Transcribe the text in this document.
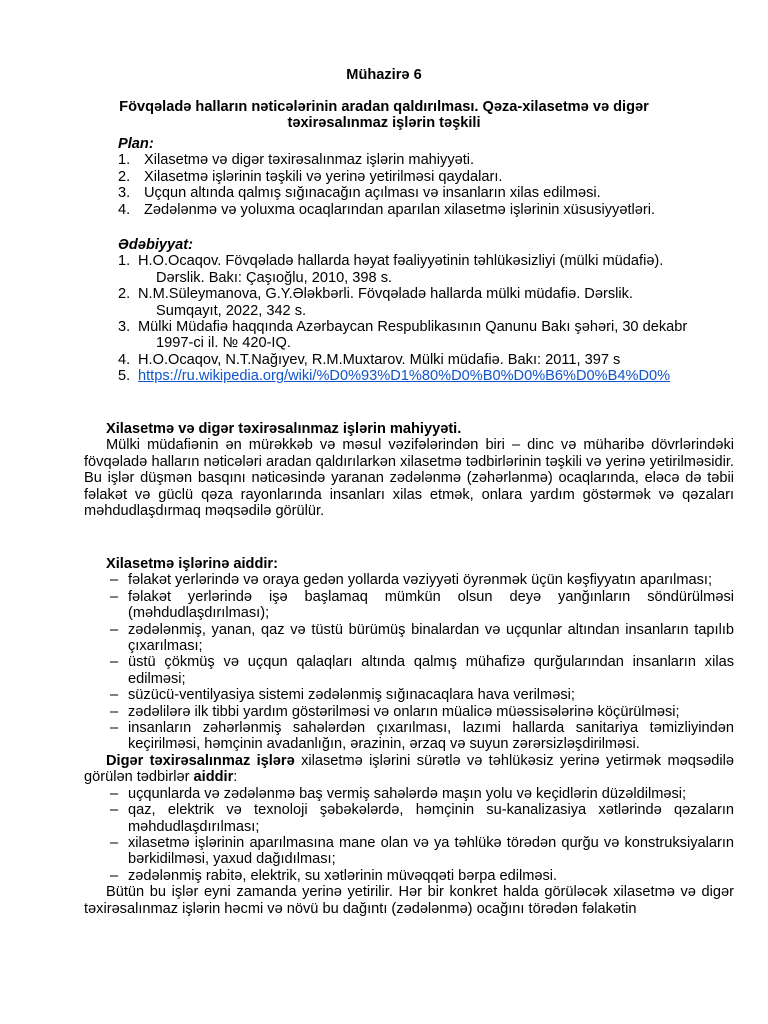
Mühazirə 6
Fövqəladə halların nəticələrinin aradan qaldırılması. Qəza-xilasetmə və digər təxirəsalınmaz işlərin təşkili
Plan:
1. Xilasetmə və digər təxirəsalınmaz işlərin mahiyyəti.
2. Xilasetmə işlərinin təşkili və yerinə yetirilməsi qaydaları.
3. Uçqun altında qalmış sığınacağın açılması və insanların xilas edilməsi.
4. Zədələnmə və yoluxma ocaqlarından aparılan xilasetmə işlərinin xüsusiyyətləri.
Ədəbiyyat:
1. H.O.Ocaqov. Fövqəladə hallarda həyat fəaliyyətinin təhlükəsizliyi (mülki müdafiə).
Dərslik. Bakı: Çaşıoğlu, 2010, 398 s.
2. N.M.Süleymanova, G.Y.Ələkbərli. Fövqəladə hallarda mülki müdafiə. Dərslik.
Sumqayıt, 2022, 342 s.
3. Mülki Müdafiə haqqında Azərbaycan Respublikasının Qanunu Bakı şəhəri, 30 dekabr
1997-ci il. № 420-IQ.
4. H.O.Ocaqov, N.T.Nağıyev, R.M.Muxtarov. Mülki müdafiə. Bakı: 2011, 397 s
5. https://ru.wikipedia.org/wiki/%D0%93%D1%80%D0%B0%D0%B6%D0%B4%D0%
Xilasetmə və digər təxirəsalınmaz işlərin mahiyyəti.

Mülki müdafiənin ən mürəkkəb və məsul vəzifələrindən biri – dinc və müharibə dövrlərindəki fövqəladə halların nəticələri aradan qaldırılarkən xilasetmə tədbirlərinin təşkili və yerinə yetirilməsidir. Bu işlər düşmən basqını nəticəsində yaranan zədələnmə (zəhərlənmə) ocaqlarında, eləcə də təbii fəlakət və güclü qəza rayonlarında insanları xilas etmək, onlara yardım göstərmək və qəzaları məhdudlaşdırmaq məqsədilə görülür.

Xilasetmə işlərinə aiddir:
– fəlakət yerlərində və oraya gedən yollarda vəziyyəti öyrənmək üçün kəşfiyyatın aparılması;
– fəlakət yerlərində işə başlamaq mümkün olsun deyə yanğınların söndürülməsi (məhdudlaşdırılması);
– zədələnmiş, yanan, qaz və tüstü bürümüş binalardan və uçqunlar altından insanların tapılıb çıxarılması;
– üstü çökmüş və uçqun qalaqları altında qalmış mühafizə qurğularından insanların xilas edilməsi;
– süzücü-ventilyasiya sistemi zədələnmiş sığınacaqlara hava verilməsi;
– zədəlilərə ilk tibbi yardım göstərilməsi və onların müalicə müəssisələrinə köçürülməsi;
– insanların zəhərlənmiş sahələrdən çıxarılması, lazımi hallarda sanitariya təmizliyindən keçirilməsi, həmçinin avadanlığın, ərazinin, ərzaq və suyun zərərsizləşdirilməsi.

Digər təxirəsalınmaz işlərə xilasetmə işlərini sürətlə və təhlükəsiz yerinə yetirmək məqsədilə görülən tədbirlər aiddir:

– uçqunlarda və zədələnmə baş vermiş sahələrdə maşın yolu və keçidlərin düzəldilməsi;
– qaz, elektrik və texnoloji şəbəkələrdə, həmçinin su-kanalizasiya xətlərində qəzaların məhdudlaşdırılması;
– xilasetmə işlərinin aparılmasına mane olan və ya təhlükə törədən qurğu və konstruksiyaların bərkidilməsi, yaxud dağıdılması;
– zədələnmiş rabitə, elektrik, su xətlərinin müvəqqəti bərpa edilməsi.

Bütün bu işlər eyni zamanda yerinə yetirilir. Hər bir konkret halda görüləcək xilasetmə və digər təxirəsalınmaz işlərin həcmi və növü bu dağıntı (zədələnmə) ocağını törədən fəlakətin
